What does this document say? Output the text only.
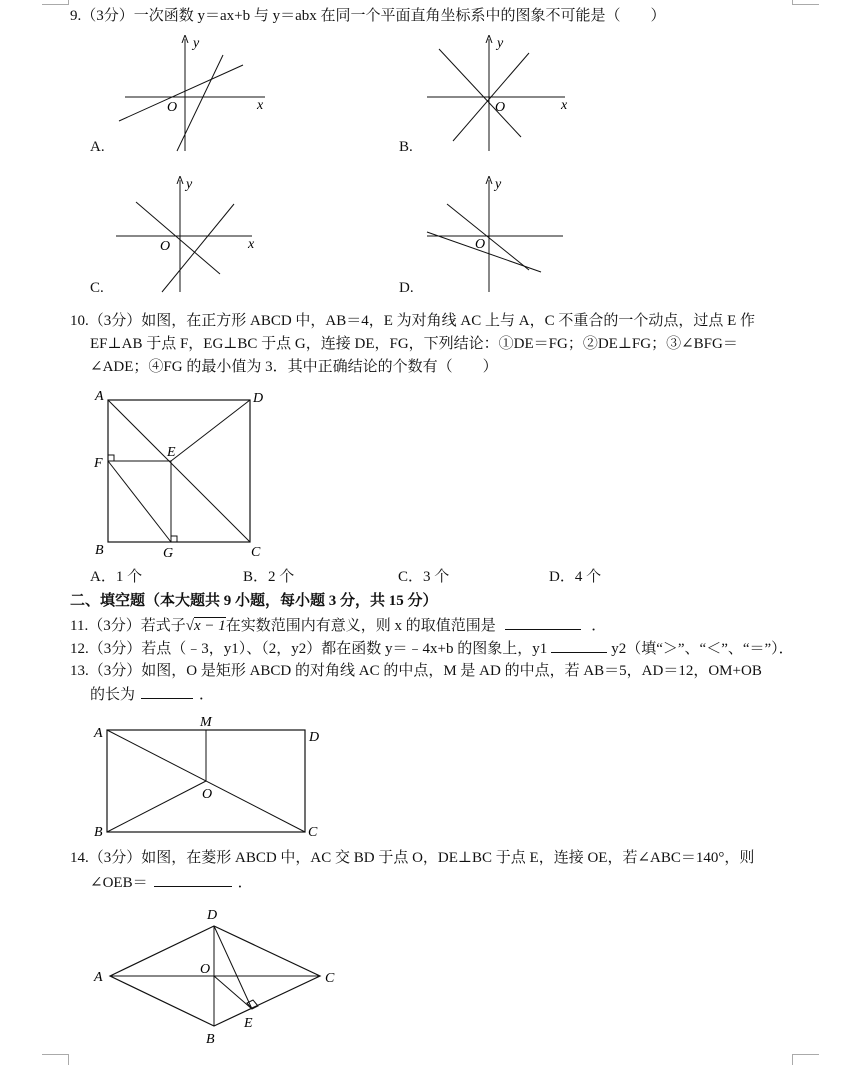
9.（3分）一次函数 y＝ax+b 与 y＝abx 在同一个平面直角坐标系中的图象不可能是（　　）
x
y
O
A.
x
y
O
B.
x
y
O
C.
y
O
D.
10.（3分）如图，在正方形 ABCD 中，AB＝4，E 为对角线 AC 上与 A，C 不重合的一个动点，过点 E 作
EF⊥AB 于点 F，EG⊥BC 于点 G，连接 DE，FG，下列结论：①DE＝FG；②DE⊥FG；③∠BFG＝
∠ADE；④FG 的最小值为 3．其中正确结论的个数有（　　）
A	D
B	C
E
F
G
A．1 个	B．2 个	C．3 个	D．4 个
二、填空题（本大题共 9 小题，每小题 3 分，共 15 分）
11.（3分）若式子√x − 1在实数范围内有意义，则 x 的取值范围是	．
12.（3分）若点（﹣3，y1）、（2，y2）都在函数 y＝﹣4x+b 的图象上，y1	y2（填“＞”、“＜”、“＝”）．
13.（3分）如图，O 是矩形 ABCD 的对角线 AC 的中点，M 是 AD 的中点，若 AB＝5，AD＝12，OM+OB
的长为	．
A	D
B	C
M
O
14.（3分）如图，在菱形 ABCD 中，AC 交 BD 于点 O，DE⊥BC 于点 E，连接 OE，若∠ABC＝140°，则
∠OEB＝	．
A
D
C
B
O
E
